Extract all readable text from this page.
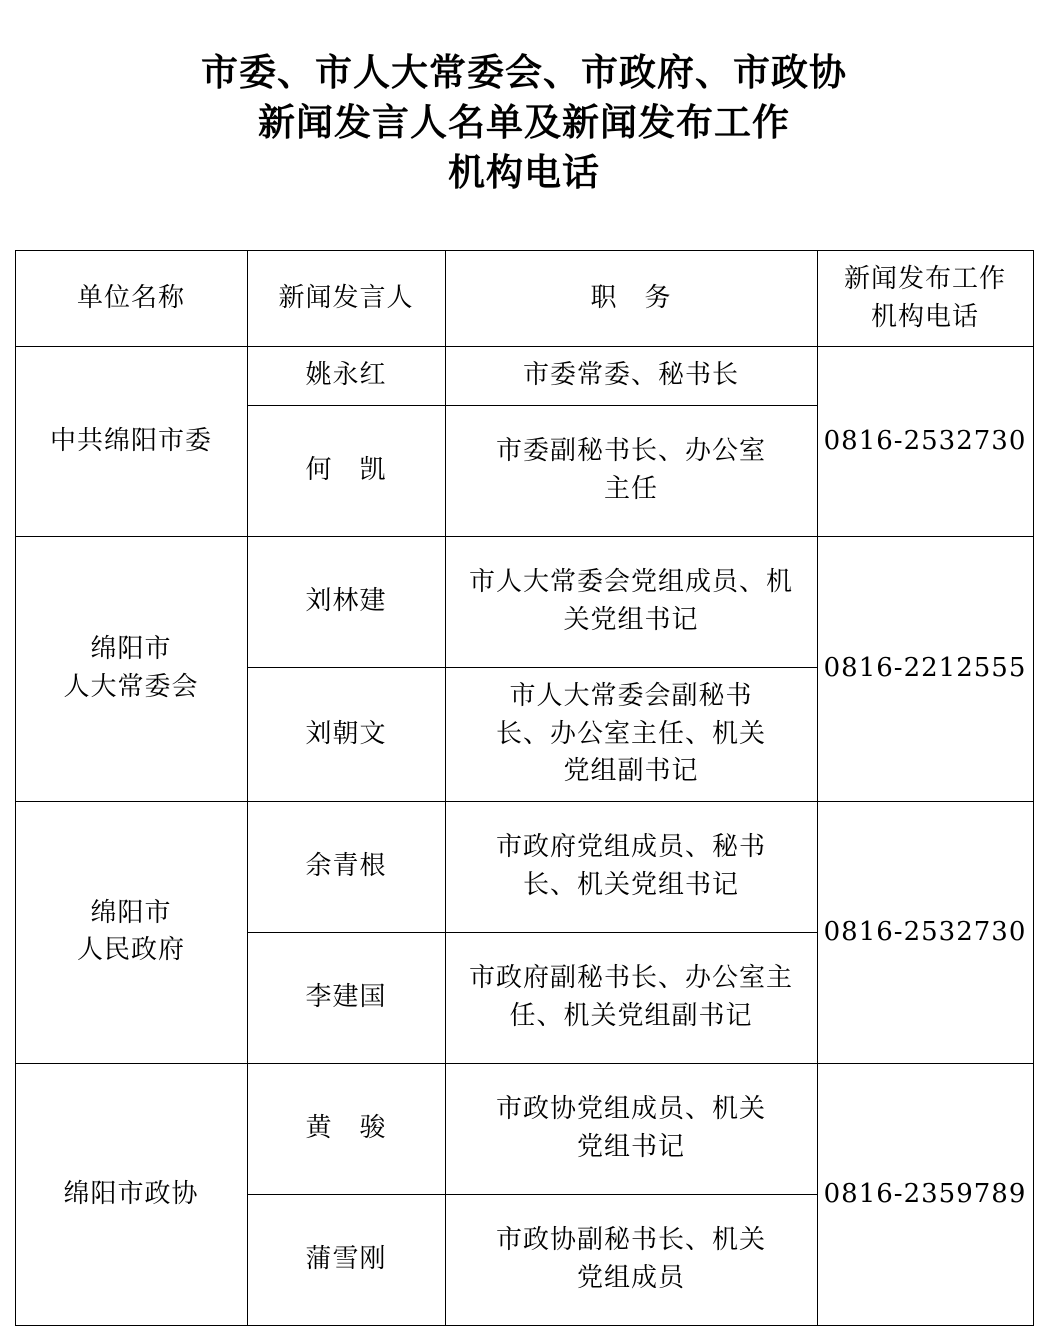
市委、市人大常委会、市政府、市政协
新闻发言人名单及新闻发布工作
机构电话
单位名称	新闻发言人	职　务	新闻发布工作
机构电话

中共绵阳市委	姚永红	市委常委、秘书长	0816-2532730
	何　凯	市委副秘书长、办公室
主任	

绵阳市
人大常委会	刘林建	市人大常委会党组成员、机
关党组书记	0816-2212555
	刘朝文	市人大常委会副秘书
长、办公室主任、机关
党组副书记	

绵阳市
人民政府	余青根	市政府党组成员、秘书
长、机关党组书记	0816-2532730
	李建国	市政府副秘书长、办公室主
任、机关党组副书记	

绵阳市政协	黄　骏	市政协党组成员、机关
党组书记	0816-2359789
	蒲雪刚	市政协副秘书长、机关
党组成员	
